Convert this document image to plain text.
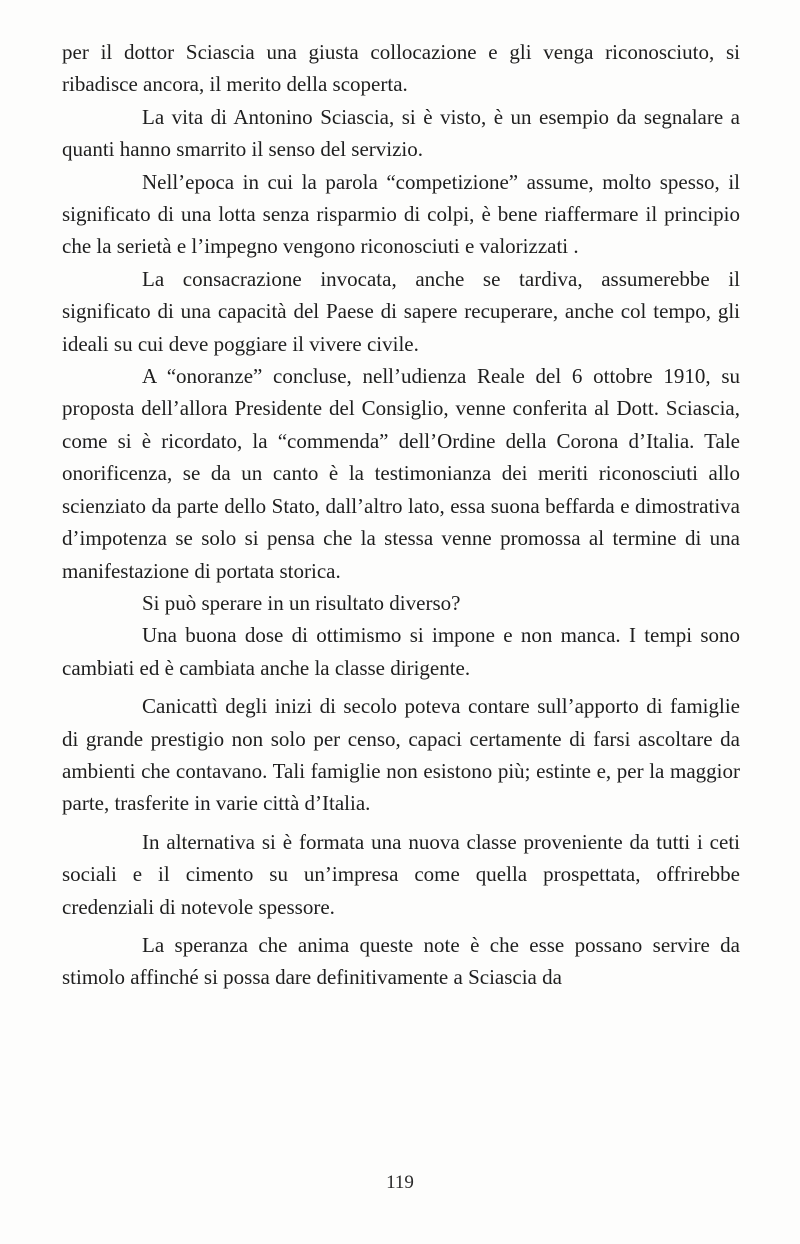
per il dottor Sciascia una giusta collocazione e gli venga riconosciuto, si ribadisce ancora, il merito della scoperta.

La vita di Antonino Sciascia, si è visto, è un esempio da segnalare a quanti hanno smarrito il senso del servizio.

Nell’epoca in cui la parola “competizione” assume, molto spesso, il significato di una lotta senza risparmio di colpi, è bene riaffermare il principio che la serietà e l’impegno vengono riconosciuti e valorizzati .

La consacrazione invocata, anche se tardiva, assumerebbe il significato di una capacità del Paese di sapere recuperare, anche col tempo, gli ideali su cui deve poggiare il vivere civile.

A “onoranze” concluse, nell’udienza Reale del 6 ottobre 1910, su proposta dell’allora Presidente del Consiglio, venne conferita al Dott. Sciascia, come si è ricordato, la “commenda” dell’Ordine della Corona d’Italia. Tale onorificenza, se da un canto è la testimonianza dei meriti riconosciuti allo scienziato da parte dello Stato, dall’altro lato, essa suona beffarda e dimostrativa d’impotenza se solo si pensa che la stessa venne promossa al termine di una manifestazione di portata storica.

Si può sperare in un risultato diverso?

Una buona dose di ottimismo si impone e non manca. I tempi sono cambiati ed è cambiata anche la classe dirigente.

Canicattì degli inizi di secolo poteva contare sull’apporto di famiglie di grande prestigio non solo per censo, capaci certamente di farsi ascoltare da ambienti che contavano. Tali famiglie non esistono più; estinte e, per la maggior parte, trasferite in varie città d’Italia.

In alternativa si è formata una nuova classe proveniente da tutti i ceti sociali e il cimento su un’impresa come quella prospettata, offrirebbe credenziali di notevole spessore.

La speranza che anima queste note è che esse possano servire da stimolo affinché si possa dare definitivamente a Sciascia da

119
